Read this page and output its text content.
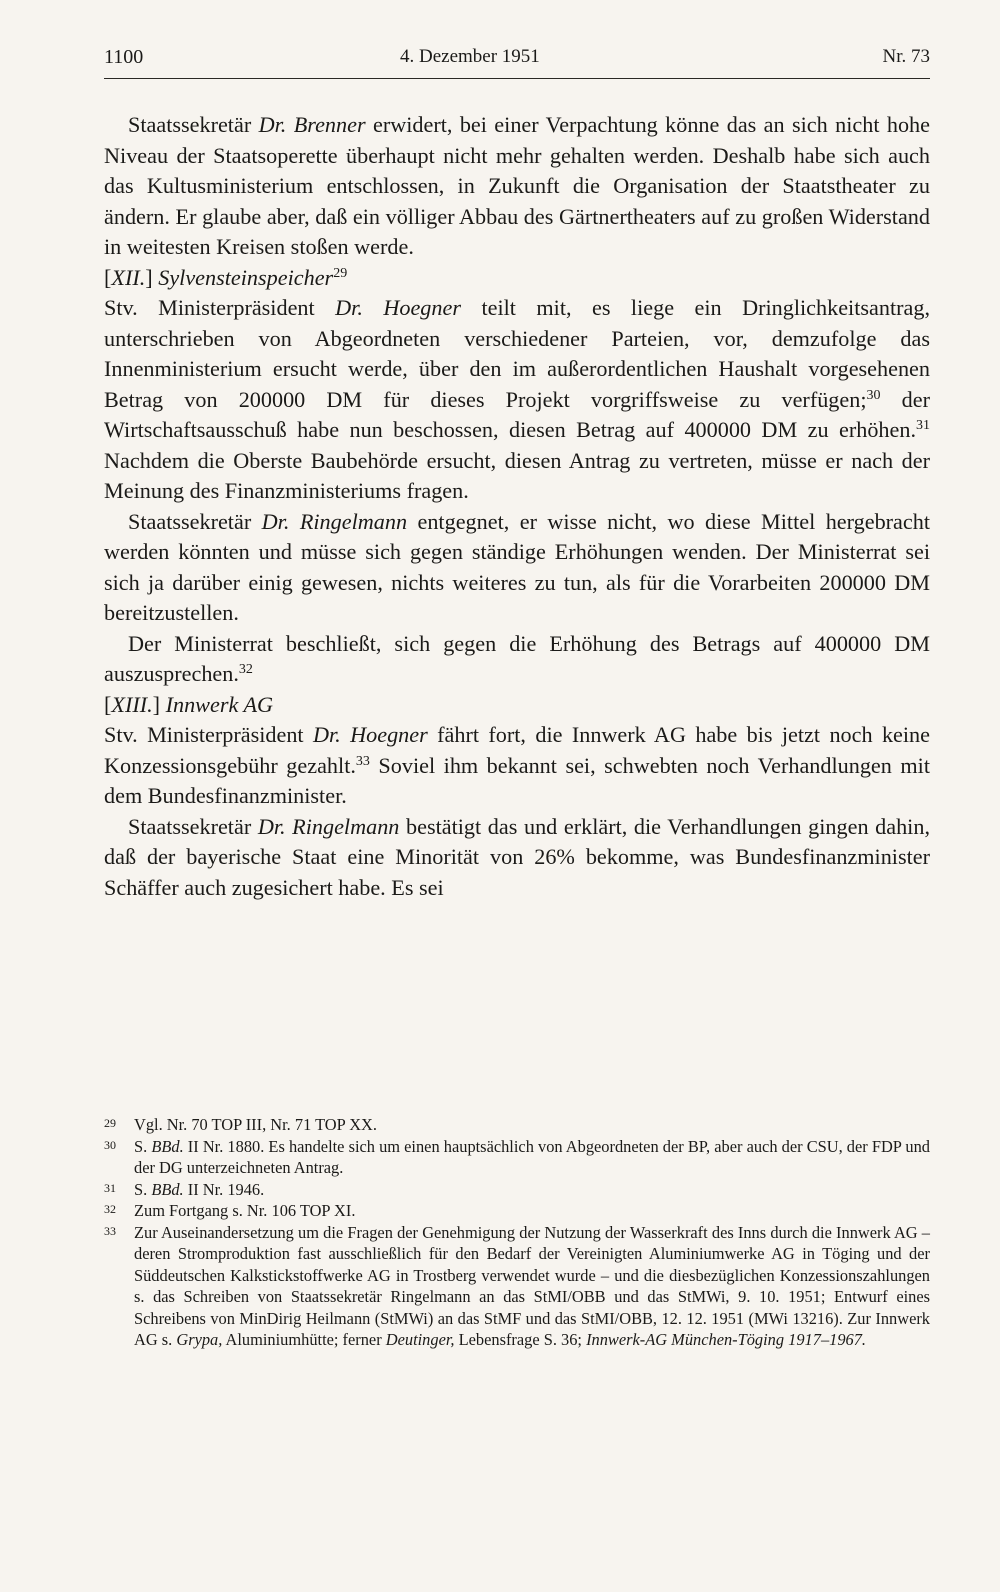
1100	4. Dezember 1951	Nr. 73

Staatssekretär Dr. Brenner erwidert, bei einer Verpachtung könne das an sich nicht hohe Niveau der Staatsoperette überhaupt nicht mehr gehalten werden. Deshalb habe sich auch das Kultusministerium entschlossen, in Zukunft die Organisation der Staatstheater zu ändern. Er glaube aber, daß ein völliger Abbau des Gärtnertheaters auf zu großen Widerstand in weitesten Kreisen stoßen werde.

[XII.] Sylvensteinspeicher$^{29}$

Stv. Ministerpräsident Dr. Hoegner teilt mit, es liege ein Dringlichkeitsantrag, unterschrieben von Abgeordneten verschiedener Parteien, vor, demzufolge das Innenministerium ersucht werde, über den im außerordentlichen Haushalt vorgesehenen Betrag von 200000 DM für dieses Projekt vorgriffsweise zu verfügen;$^{30}$ der Wirtschaftsausschuß habe nun beschossen, diesen Betrag auf 400000 DM zu erhöhen.$^{31}$ Nachdem die Oberste Baubehörde ersucht, diesen Antrag zu vertreten, müsse er nach der Meinung des Finanzministeriums fragen.

Staatssekretär Dr. Ringelmann entgegnet, er wisse nicht, wo diese Mittel hergebracht werden könnten und müsse sich gegen ständige Erhöhungen wenden. Der Ministerrat sei sich ja darüber einig gewesen, nichts weiteres zu tun, als für die Vorarbeiten 200000 DM bereitzustellen.

Der Ministerrat beschließt, sich gegen die Erhöhung des Betrags auf 400000 DM auszusprechen.$^{32}$

[XIII.] Innwerk AG

Stv. Ministerpräsident Dr. Hoegner fährt fort, die Innwerk AG habe bis jetzt noch keine Konzessionsgebühr gezahlt.$^{33}$ Soviel ihm bekannt sei, schwebten noch Verhandlungen mit dem Bundesfinanzminister.

Staatssekretär Dr. Ringelmann bestätigt das und erklärt, die Verhandlungen gingen dahin, daß der bayerische Staat eine Minorität von 26% bekomme, was Bundesfinanzminister Schäffer auch zugesichert habe. Es sei

29 Vgl. Nr. 70 TOP III, Nr. 71 TOP XX.

30 S. BBd. II Nr. 1880. Es handelte sich um einen hauptsächlich von Abgeordneten der BP, aber auch der CSU, der FDP und der DG unterzeichneten Antrag.

31 S. BBd. II Nr. 1946.

32 Zum Fortgang s. Nr. 106 TOP XI.

33 Zur Auseinandersetzung um die Fragen der Genehmigung der Nutzung der Wasserkraft des Inns durch die Innwerk AG – deren Stromproduktion fast ausschließlich für den Bedarf der Vereinigten Aluminiumwerke AG in Töging und der Süddeutschen Kalkstickstoffwerke AG in Trostberg verwendet wurde – und die diesbezüglichen Konzessionszahlungen s. das Schreiben von Staatssekretär Ringelmann an das StMI/OBB und das StMWi, 9. 10. 1951; Entwurf eines Schreibens von MinDirig Heilmann (StMWi) an das StMF und das StMI/OBB, 12. 12. 1951 (MWi 13216). Zur Innwerk AG s. Grypa, Aluminiumhütte; ferner Deutinger, Lebensfrage S. 36; Innwerk-AG München-Töging 1917–1967.
